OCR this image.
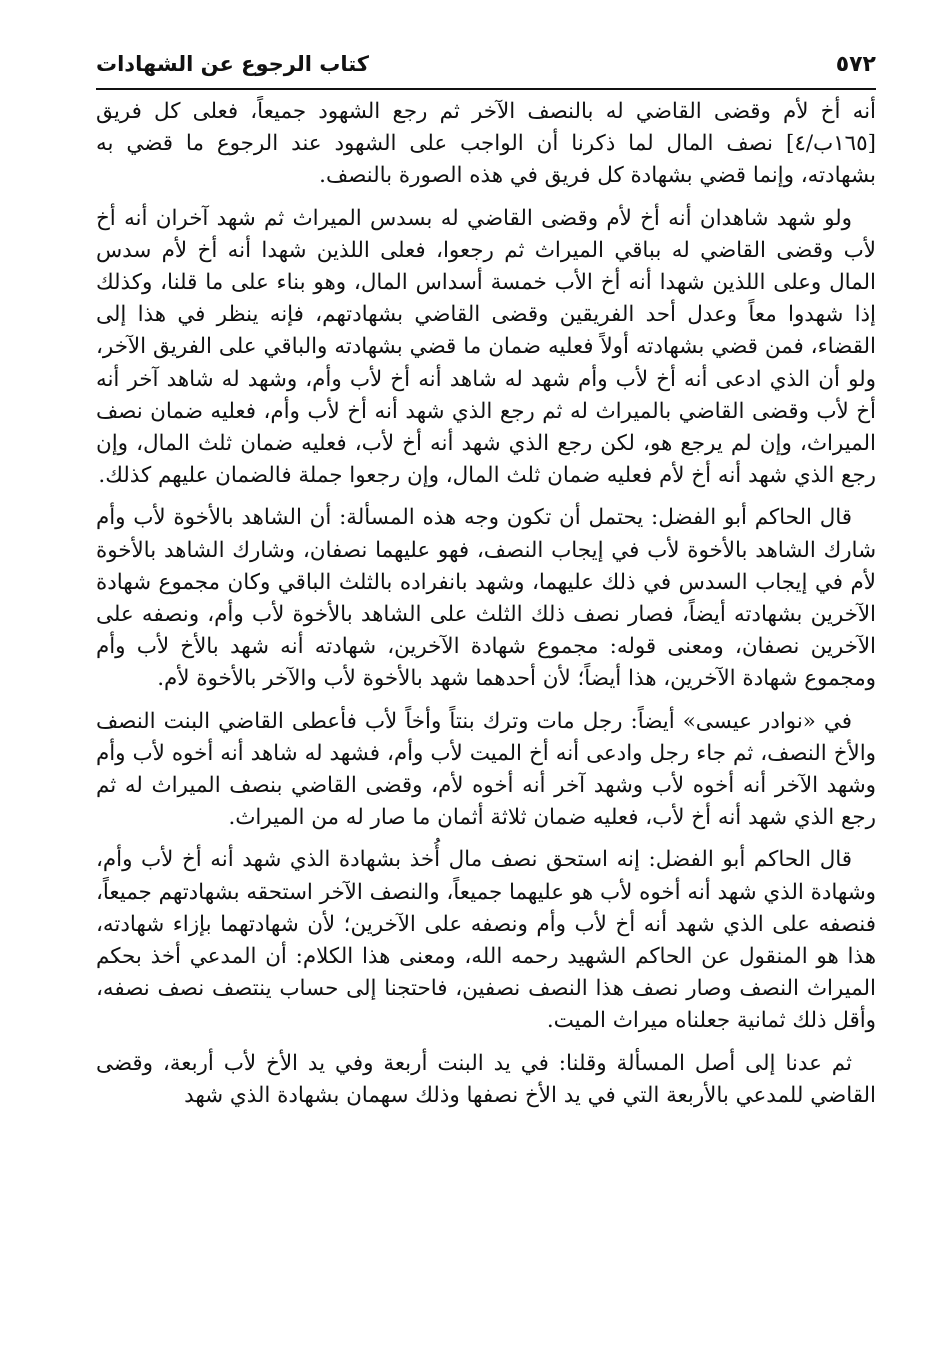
٥٧٢
كتاب الرجوع عن الشهادات

أنه أخ لأم وقضى القاضي له بالنصف الآخر ثم رجع الشهود جميعاً، فعلى كل فريق [١٦٥ب/٤] نصف المال لما ذكرنا أن الواجب على الشهود عند الرجوع ما قضي به بشهادته، وإنما قضي بشهادة كل فريق في هذه الصورة بالنصف.

ولو شهد شاهدان أنه أخ لأم وقضى القاضي له بسدس الميراث ثم شهد آخران أنه أخ لأب وقضى القاضي له بباقي الميراث ثم رجعوا، فعلى اللذين شهدا أنه أخ لأم سدس المال وعلى اللذين شهدا أنه أخ الأب خمسة أسداس المال، وهو بناء على ما قلنا، وكذلك إذا شهدوا معاً وعدل أحد الفريقين وقضى القاضي بشهادتهم، فإنه ينظر في هذا إلى القضاء، فمن قضي بشهادته أولاً فعليه ضمان ما قضي بشهادته والباقي على الفريق الآخر، ولو أن الذي ادعى أنه أخ لأب وأم شهد له شاهد أنه أخ لأب وأم، وشهد له شاهد آخر أنه أخ لأب وقضى القاضي بالميراث له ثم رجع الذي شهد أنه أخ لأب وأم، فعليه ضمان نصف الميراث، وإن لم يرجع هو، لكن رجع الذي شهد أنه أخ لأب، فعليه ضمان ثلث المال، وإن رجع الذي شهد أنه أخ لأم فعليه ضمان ثلث المال، وإن رجعوا جملة فالضمان عليهم كذلك.

قال الحاكم أبو الفضل: يحتمل أن تكون وجه هذه المسألة: أن الشاهد بالأخوة لأب وأم شارك الشاهد بالأخوة لأب في إيجاب النصف، فهو عليهما نصفان، وشارك الشاهد بالأخوة لأم في إيجاب السدس في ذلك عليهما، وشهد بانفراده بالثلث الباقي وكان مجموع شهادة الآخرين بشهادته أيضاً، فصار نصف ذلك الثلث على الشاهد بالأخوة لأب وأم، ونصفه على الآخرين نصفان، ومعنى قوله: مجموع شهادة الآخرين، شهادته أنه شهد بالأخ لأب وأم ومجموع شهادة الآخرين، هذا أيضاً؛ لأن أحدهما شهد بالأخوة لأب والآخر بالأخوة لأم.

في «نوادر عيسى» أيضاً: رجل مات وترك بنتاً وأخاً لأب فأعطى القاضي البنت النصف والأخ النصف، ثم جاء رجل وادعى أنه أخ الميت لأب وأم، فشهد له شاهد أنه أخوه لأب وأم وشهد الآخر أنه أخوه لأب وشهد آخر أنه أخوه لأم، وقضى القاضي بنصف الميراث له ثم رجع الذي شهد أنه أخ لأب، فعليه ضمان ثلاثة أثمان ما صار له من الميراث.

قال الحاكم أبو الفضل: إنه استحق نصف مال أُخذ بشهادة الذي شهد أنه أخ لأب وأم، وشهادة الذي شهد أنه أخوه لأب هو عليهما جميعاً، والنصف الآخر استحقه بشهادتهم جميعاً، فنصفه على الذي شهد أنه أخ لأب وأم ونصفه على الآخرين؛ لأن شهادتهما بإزاء شهادته، هذا هو المنقول عن الحاكم الشهيد رحمه الله، ومعنى هذا الكلام: أن المدعي أخذ بحكم الميراث النصف وصار نصف هذا النصف نصفين، فاحتجنا إلى حساب ينتصف نصف نصفه، وأقل ذلك ثمانية جعلناه ميراث الميت.

ثم عدنا إلى أصل المسألة وقلنا: في يد البنت أربعة وفي يد الأخ لأب أربعة، وقضى القاضي للمدعي بالأربعة التي في يد الأخ نصفها وذلك سهمان بشهادة الذي شهد
